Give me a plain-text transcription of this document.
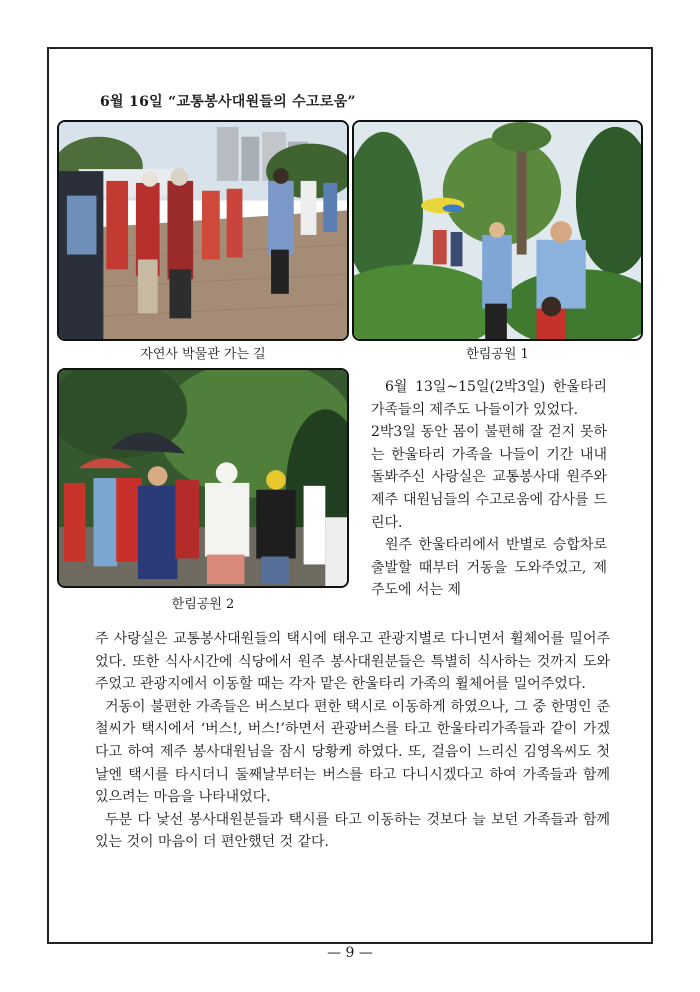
6월 16일 “교통봉사대원들의 수고로움”
자연사 박물관 가는 길	한림공원 1
한림공원 2

6월 13일~15일(2박3일) 한울타리 가족들의 제주도 나들이가 있었다.

2박3일 동안 몸이 불편해 잘 걷지 못하는 한울타리 가족을 나들이 기간 내내 돌봐주신 사랑실은 교통봉사대 원주와 제주 대원님들의 수고로움에 감사를 드린다.

원주 한울타리에서 반별로 승합차로 출발할 때부터 거동을 도와주었고, 제주도에 서는 제

주 사랑실은 교통봉사대원들의 택시에 태우고 관광지별로 다니면서 휠체어를 밀어주었다. 또한 식사시간에 식당에서 원주 봉사대원분들은 특별히 식사하는 것까지 도와주었고 관광지에서 이동할 때는 각자 맡은 한울타리 가족의 휠체어를 밀어주었다.

거동이 불편한 가족들은 버스보다 편한 택시로 이동하게 하였으나, 그 중 한명인 준철씨가 택시에서 ‘버스!, 버스!’하면서 관광버스를 타고 한울타리가족들과 같이 가겠다고 하여 제주 봉사대원님을 잠시 당황케 하였다. 또, 걸음이 느리신 김영옥씨도 첫날엔 택시를 타시더니 둘째날부터는 버스를 타고 다니시겠다고 하여 가족들과 함께 있으려는 마음을 나타내었다.

두분 다 낯선 봉사대원분들과 택시를 타고 이동하는 것보다 늘 보던 가족들과 함께 있는 것이 마음이 더 편안했던 것 같다.

— 9 —
